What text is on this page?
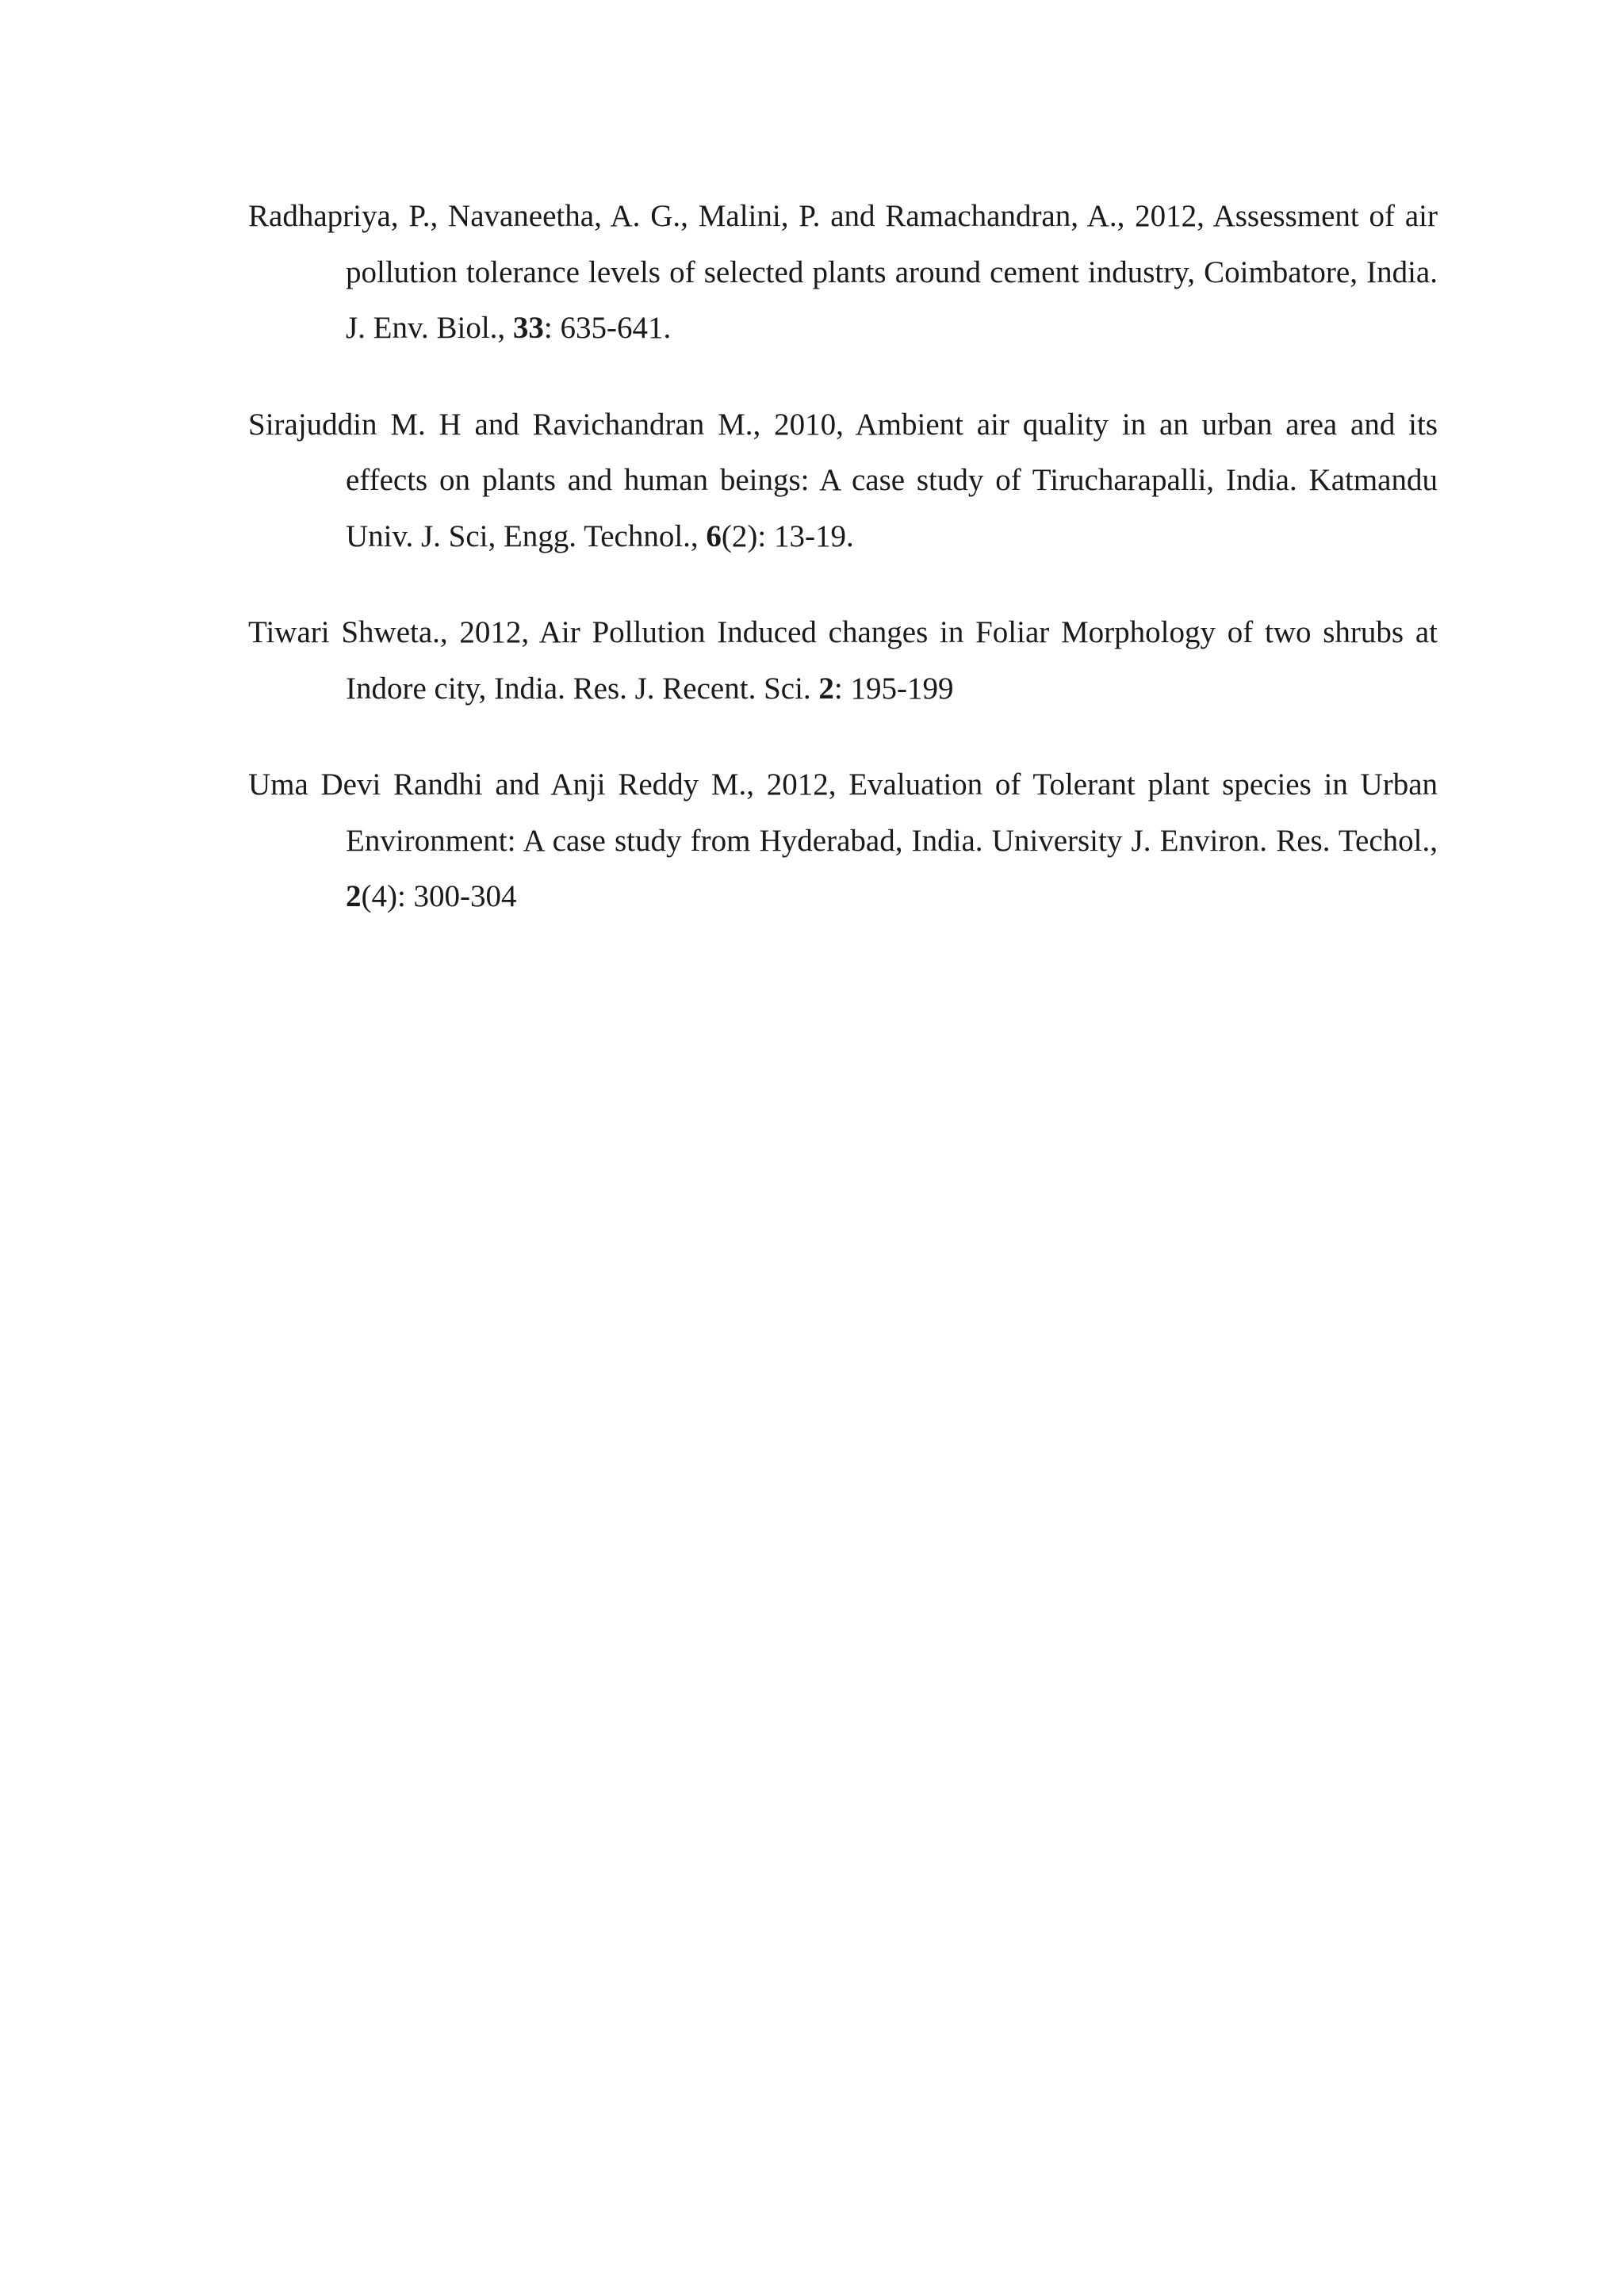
Radhapriya, P., Navaneetha, A. G., Malini, P. and Ramachandran, A., 2012, Assessment of air pollution tolerance levels of selected plants around cement industry, Coimbatore, India. J. Env. Biol., 33: 635-641.

Sirajuddin M. H and Ravichandran M., 2010, Ambient air quality in an urban area and its effects on plants and human beings: A case study of Tirucharapalli, India. Katmandu Univ. J. Sci, Engg. Technol., 6(2): 13-19.

Tiwari Shweta., 2012, Air Pollution Induced changes in Foliar Morphology of two shrubs at Indore city, India. Res. J. Recent. Sci. 2: 195-199

Uma Devi Randhi and Anji Reddy M., 2012, Evaluation of Tolerant plant species in Urban Environment: A case study from Hyderabad, India. University J. Environ. Res. Techol., 2(4): 300-304
